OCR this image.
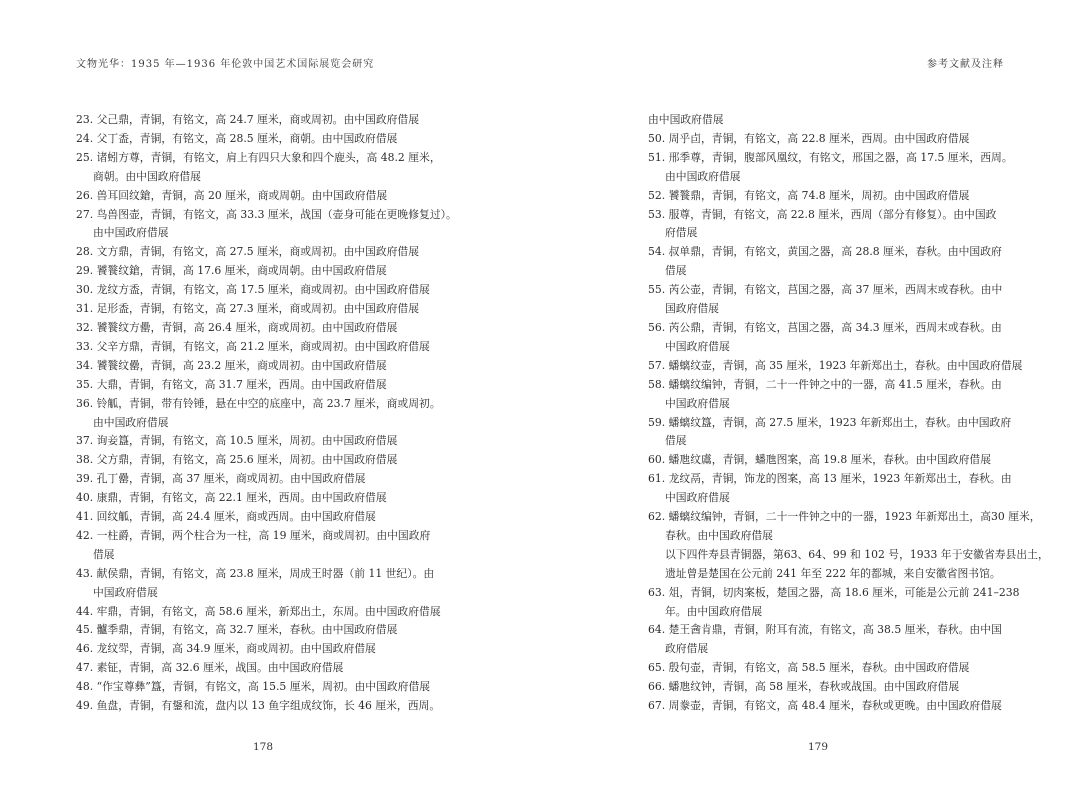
文物光华：1935 年—1936 年伦敦中国艺术国际展览会研究
23. 父己鼎，青铜，有铭文，高 24.7 厘米，商或周初。由中国政府借展
24. 父丁盉，青铜，有铭文，高 28.5 厘米，商朝。由中国政府借展
25. 诸蚓方尊，青铜，有铭文，肩上有四只大象和四个鹿头，高 48.2 厘米，
商朝。由中国政府借展
26. 兽耳回纹鎗，青铜，高 20 厘米，商或周朝。由中国政府借展
27. 鸟兽图壶，青铜，有铭文，高 33.3 厘米，战国（壶身可能在更晚修复过）。
由中国政府借展
28. 文方鼎，青铜，有铭文，高 27.5 厘米，商或周初。由中国政府借展
29. 饕餮纹鎗，青铜，高 17.6 厘米，商或周朝。由中国政府借展
30. 龙纹方盉，青铜，有铭文，高 17.5 厘米，商或周初。由中国政府借展
31. 足形盉，青铜，有铭文，高 27.3 厘米，商或周初。由中国政府借展
32. 饕餮纹方罍，青铜，高 26.4 厘米，商或周初。由中国政府借展
33. 父辛方鼎，青铜，有铭文，高 21.2 厘米，商或周初。由中国政府借展
34. 饕餮纹罍，青铜，高 23.2 厘米，商或周初。由中国政府借展
35. 大鼎，青铜，有铭文，高 31.7 厘米，西周。由中国政府借展
36. 铃觚，青铜，带有铃锤，悬在中空的底座中，高 23.7 厘米，商或周初。
由中国政府借展
37. 询妾簋，青铜，有铭文，高 10.5 厘米，周初。由中国政府借展
38. 父方鼎，青铜，有铭文，高 25.6 厘米，周初。由中国政府借展
39. 孔丁罍，青铜，高 37 厘米，商或周初。由中国政府借展
40. 康鼎，青铜，有铭文，高 22.1 厘米，西周。由中国政府借展
41. 回纹觚，青铜，高 24.4 厘米，商或西周。由中国政府借展
42. 一柱爵，青铜，两个柱合为一柱，高 19 厘米，商或周初。由中国政府
借展
43. 献侯鼎，青铜，有铭文，高 23.8 厘米，周成王时器（前 11 世纪）。由
中国政府借展
44. 牢鼎，青铜，有铭文，高 58.6 厘米，新郑出土，东周。由中国政府借展
45. 髗季鼎，青铜，有铭文，高 32.7 厘米，春秋。由中国政府借展
46. 龙纹斝，青铜，高 34.9 厘米，商或周初。由中国政府借展
47. 素钲，青铜，高 32.6 厘米，战国。由中国政府借展
48. “作宝尊彝”簋，青铜，有铭文，高 15.5 厘米，周初。由中国政府借展
49. 鱼盘，青铜，有鋬和流，盘内以 13 鱼字组成纹饰，长 46 厘米，西周。
178
参考文献及注释
由中国政府借展
50. 周乎卣，青铜，有铭文，高 22.8 厘米，西周。由中国政府借展
51. 邢季尊，青铜，腹部风凰纹，有铭文，邢国之器，高 17.5 厘米，西周。
由中国政府借展
52. 饕餮鼎，青铜，有铭文，高 74.8 厘米，周初。由中国政府借展
53. 服尊，青铜，有铭文，高 22.8 厘米，西周（部分有修复）。由中国政
府借展
54. 叔单鼎，青铜，有铭文，黄国之器，高 28.8 厘米，春秋。由中国政府
借展
55. 芮公壶，青铜，有铭文，莒国之器，高 37 厘米，西周末或春秋。由中
国政府借展
56. 芮公鼎，青铜，有铭文，莒国之器，高 34.3 厘米，西周末或春秋。由
中国政府借展
57. 蟠螭纹壶，青铜，高 35 厘米，1923 年新郑出土，春秋。由中国政府借展
58. 蟠螭纹编钟，青铜，二十一件钟之中的一器，高 41.5 厘米，春秋。由
中国政府借展
59. 蟠螭纹簋，青铜，高 27.5 厘米，1923 年新郑出土，春秋。由中国政府
借展
60. 蟠虺纹鬳，青铜，蟠虺图案，高 19.8 厘米，春秋。由中国政府借展
61. 龙纹鬲，青铜，饰龙的图案，高 13 厘米，1923 年新郑出土，春秋。由
中国政府借展
62. 蟠螭纹编钟，青铜，二十一件钟之中的一器，1923 年新郑出土，高30 厘米，
春秋。由中国政府借展
以下四件寿县青铜器，第63、64、99 和 102 号，1933 年于安徽省寿县出土，
遗址曾是楚国在公元前 241 年至 222 年的都城，来自安徽省图书馆。
63. 俎，青铜，切肉案板，楚国之器，高 18.6 厘米，可能是公元前 241–238
年。由中国政府借展
64. 楚王酓肯鼎，青铜，附耳有流，有铭文，高 38.5 厘米，春秋。由中国
政府借展
65. 殷句壶，青铜，有铭文，高 58.5 厘米，春秋。由中国政府借展
66. 蟠虺纹钟，青铜，高 58 厘米，春秋或战国。由中国政府借展
67. 周豢壶，青铜，有铭文，高 48.4 厘米，春秋或更晚。由中国政府借展
179
